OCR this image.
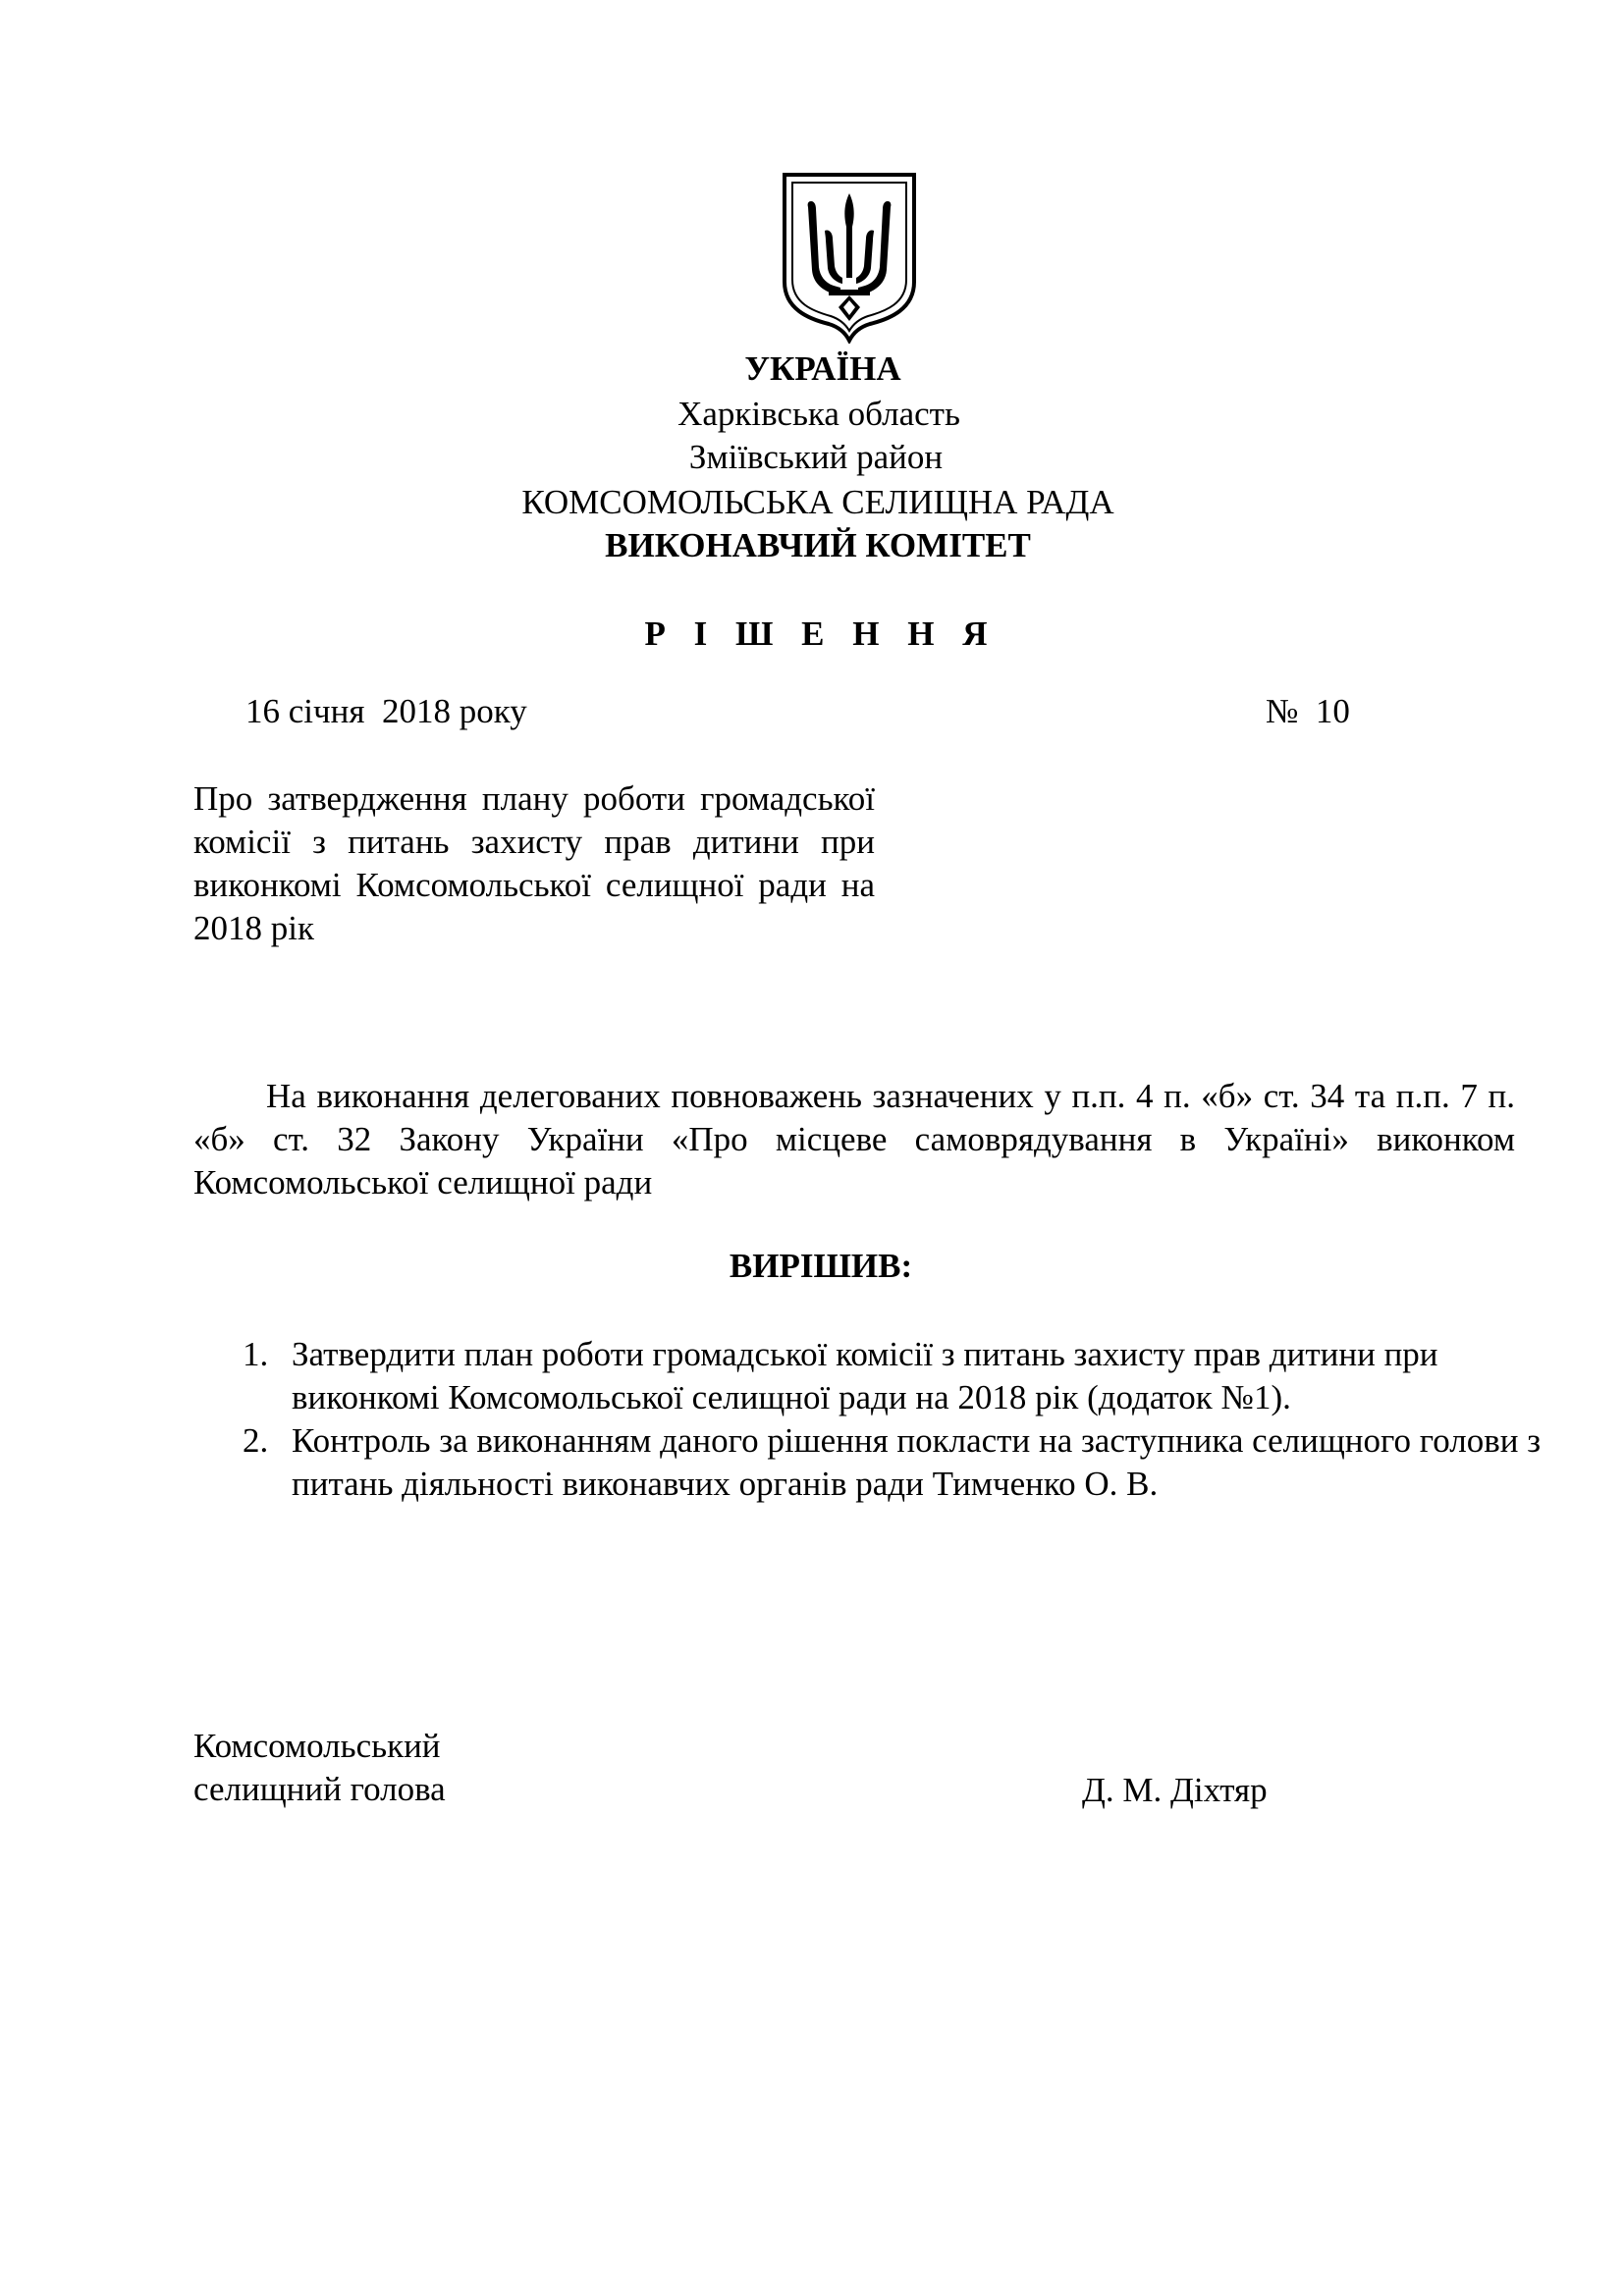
УКРАЇНА
Харківська область
Зміївський район
КОМСОМОЛЬСЬКА СЕЛИЩНА РАДА
ВИКОНАВЧИЙ КОМІТЕТ
Р І Ш Е Н Н Я
16 січня  2018 року	№  10
Про затвердження плану роботи громадської комісії з питань захисту прав дитини при виконкомі Комсомольської селищної ради на 2018 рік
На виконання делегованих повноважень зазначених у п.п. 4 п. «б» ст. 34 та п.п. 7 п. «б» ст. 32 Закону України «Про місцеве самоврядування в Україні» виконком Комсомольської селищної ради
ВИРІШИВ:
1. Затвердити план роботи громадської комісії з питань захисту прав дитини при виконкомі Комсомольської селищної ради на 2018 рік (додаток №1).
2. Контроль за виконанням даного рішення покласти на заступника селищного голови з питань діяльності виконавчих органів ради Тимченко О. В.
Комсомольський
селищний голова	Д. М. Діхтяр
